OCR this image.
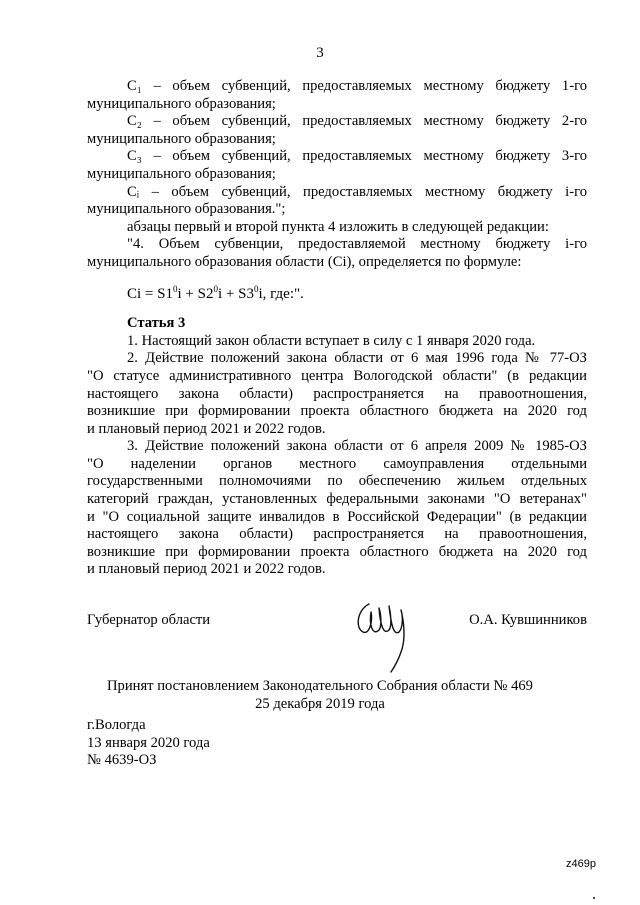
3

C₁ – объем субвенций, предоставляемых местному бюджету 1-го

муниципального образования;

C₂ – объем субвенций, предоставляемых местному бюджету 2-го

муниципального образования;

C₃ – объем субвенций, предоставляемых местному бюджету 3-го

муниципального образования;

Cᵢ – объем субвенций, предоставляемых местному бюджету i-го

муниципального образования.";

абзацы первый и второй пункта 4 изложить в следующей редакции:

"4. Объем субвенции, предоставляемой местному бюджету i-го

муниципального образования области (Ci), определяется по формуле:

$Ci = S1^0i + S2^0i + S3^0i$, где:".

Статья 3

1. Настоящий закон области вступает в силу с 1 января 2020 года.

2. Действие положений закона области от 6 мая 1996 года № 77-ОЗ

"О статусе административного центра Вологодской области" (в редакции

настоящего закона области) распространяется на правоотношения,

возникшие при формировании проекта областного бюджета на 2020 год

и плановый период 2021 и 2022 годов.

3. Действие положений закона области от 6 апреля 2009 № 1985-ОЗ

"О наделении органов местного самоуправления отдельными

государственными полномочиями по обеспечению жильем отдельных

категорий граждан, установленных федеральными законами "О ветеранах"

и "О социальной защите инвалидов в Российской Федерации" (в редакции

настоящего закона области) распространяется на правоотношения,

возникшие при формировании проекта областного бюджета на 2020 год

и плановый период 2021 и 2022 годов.

Губернатор области	О.А. Кувшинников
Принят постановлением Законодательного Собрания области № 469
25 декабря 2019 года
г.Вологда
13 января 2020 года
№ 4639-ОЗ
z469p
